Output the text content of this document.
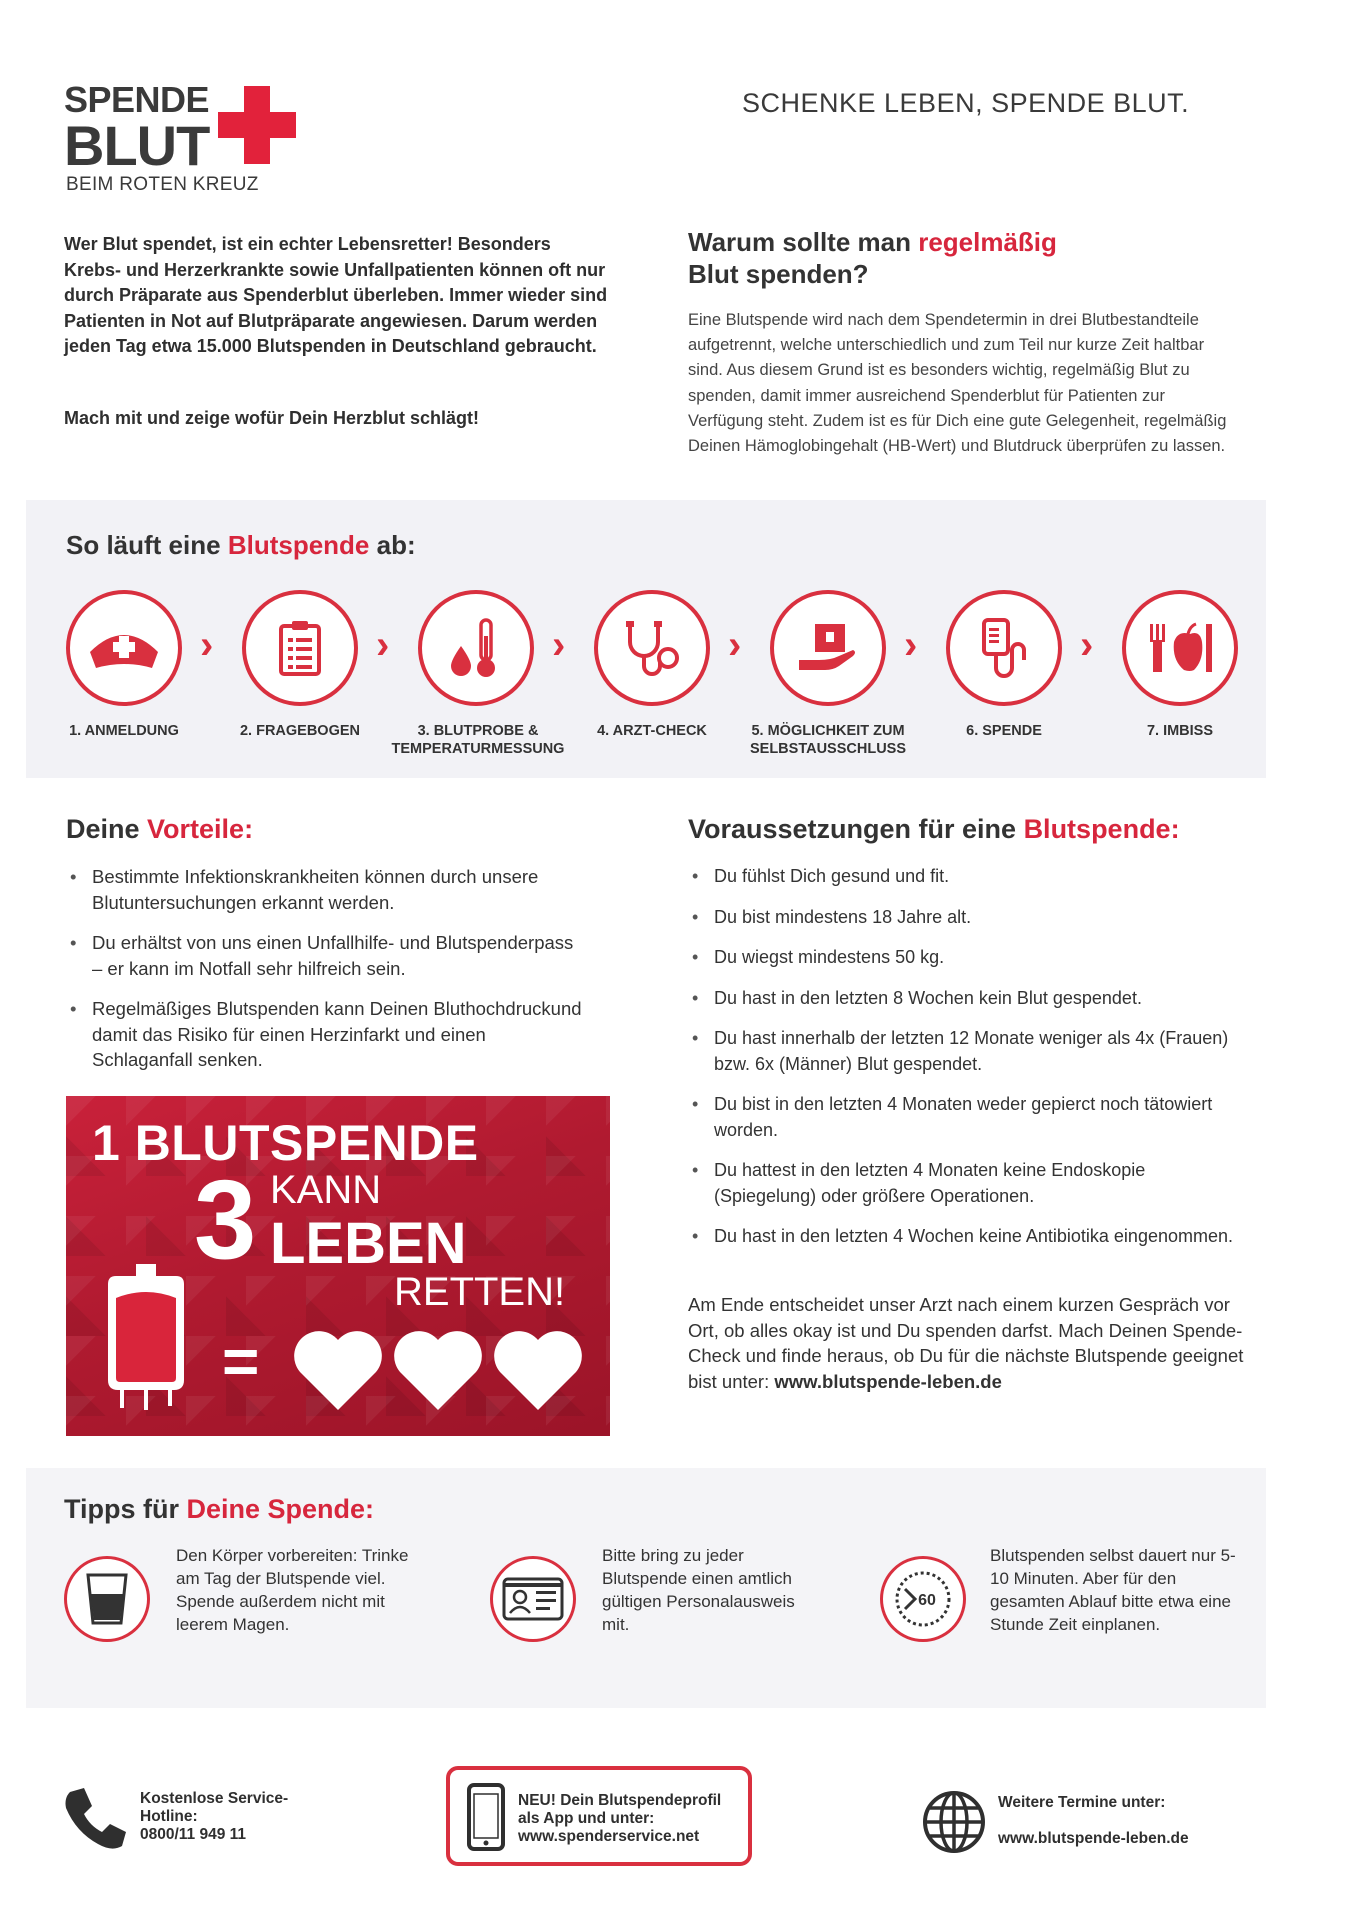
SPENDE
BLUT
BEIM ROTEN KREUZ
SCHENKE LEBEN, SPENDE BLUT.
Wer Blut spendet, ist ein echter Lebensretter! Besonders Krebs- und Herzerkrankte sowie Unfallpatienten können oft nur durch Präparate aus Spenderblut überleben. Immer wieder sind Patienten in Not auf Blutpräparate angewiesen. Darum werden jeden Tag etwa 15.000 Blutspenden in Deutschland gebraucht.
Mach mit und zeige wofür Dein Herzblut schlägt!
Warum sollte man regelmäßig
Blut spenden?
Eine Blutspende wird nach dem Spendetermin in drei Blutbestandteile aufgetrennt, welche unterschiedlich und zum Teil nur kurze Zeit haltbar sind. Aus diesem Grund ist es besonders wichtig, regelmäßig Blut zu spenden, damit immer ausreichend Spenderblut für Patienten zur Verfügung steht. Zudem ist es für Dich eine gute Gelegenheit, regelmäßig Deinen Hämoglobingehalt (HB-Wert) und Blutdruck überprüfen zu lassen.
So läuft eine Blutspende ab:
›	›	›	›	›	›
1. ANMELDUNG	2. FRAGEBOGEN	3. BLUTPROBE & TEMPERATURMESSUNG
4. ARZT-CHECK	5. MÖGLICHKEIT ZUM SELBSTAUSSCHLUSS
6. SPENDE	7. IMBISS
Deine Vorteile:
• Bestimmte Infektionskrankheiten können durch unsere Blutuntersuchungen erkannt werden.
• Du erhältst von uns einen Unfallhilfe- und Blutspenderpass – er kann im Notfall sehr hilfreich sein.
• Regelmäßiges Blutspenden kann Deinen Bluthochdruckund damit das Risiko für einen Herzinfarkt und einen Schlaganfall senken.
Voraussetzungen für eine Blutspende:
• Du fühlst Dich gesund und fit.
• Du bist mindestens 18 Jahre alt.
• Du wiegst mindestens 50 kg.
• Du hast in den letzten 8 Wochen kein Blut gespendet.
• Du hast innerhalb der letzten 12 Monate weniger als 4x (Frauen) bzw. 6x (Männer) Blut gespendet.
• Du bist in den letzten 4 Monaten weder gepierct noch tätowiert worden.
• Du hattest in den letzten 4 Monaten keine Endoskopie (Spiegelung) oder größere Operationen.
• Du hast in den letzten 4 Wochen keine Antibiotika eingenommen.
Am Ende entscheidet unser Arzt nach einem kurzen Gespräch vor Ort, ob alles okay ist und Du spenden darfst. Mach Deinen Spende-Check und finde heraus, ob Du für die nächste Blutspende geeignet bist unter: www.blutspende-leben.de
1 BLUTSPENDE
3 KANN
LEBEN
RETTEN!
=
Tipps für Deine Spende:
Den Körper vorbereiten: Trinke am Tag der Blutspende viel. Spende außerdem nicht mit leerem Magen.
Bitte bring zu jeder Blutspende einen amtlich gültigen Personalausweis mit.
60
Blutspenden selbst dauert nur 5-10 Minuten. Aber für den gesamten Ablauf bitte etwa eine Stunde Zeit einplanen.
Kostenlose Service-Hotline:
0800/11 949 11
NEU! Dein Blutspendeprofil als App und unter:
www.spenderservice.net
Weitere Termine unter:
www.blutspende-leben.de
